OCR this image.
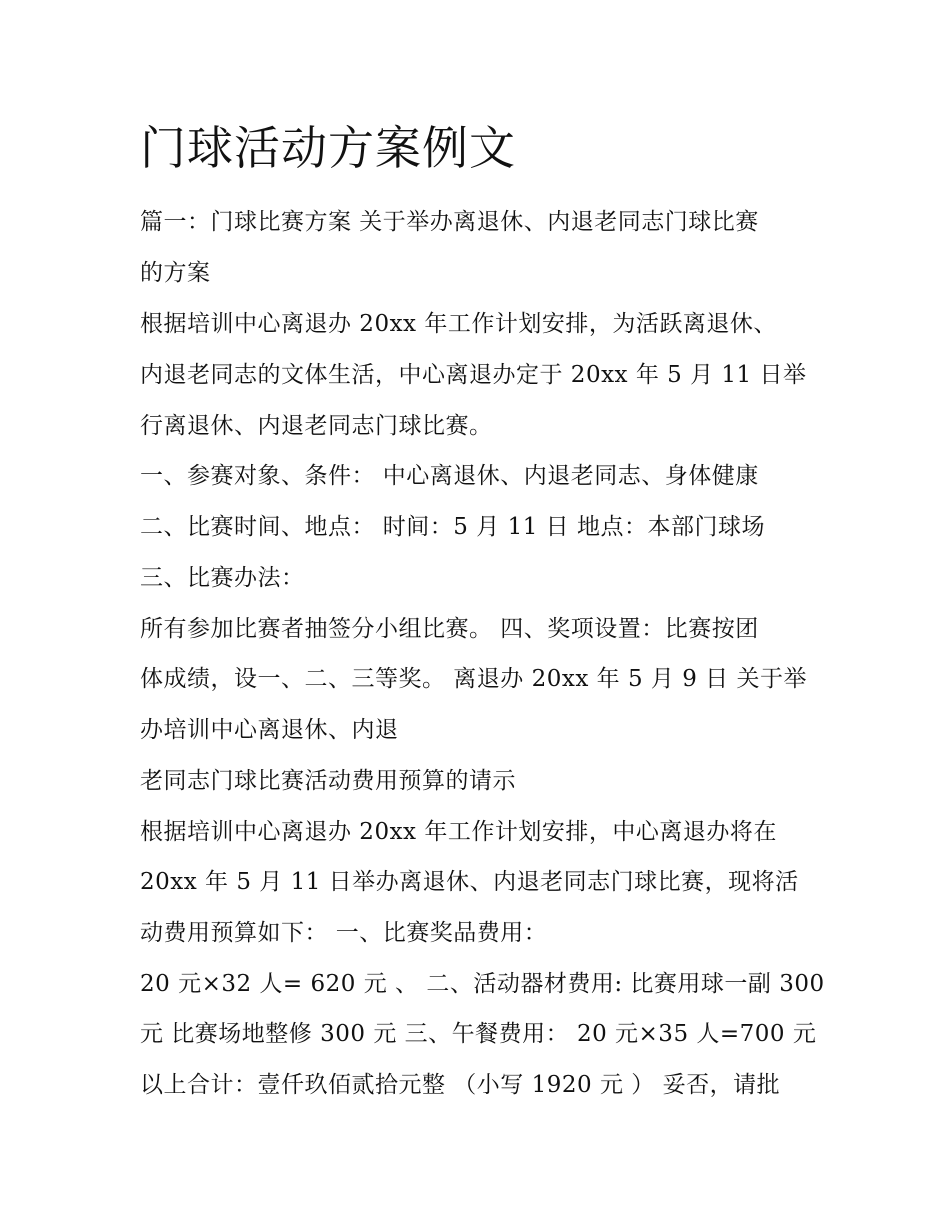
门球活动方案例文
篇一：门球比赛方案 关于举办离退休、内退老同志门球比赛
的方案
根据培训中心离退办 20xx 年工作计划安排，为活跃离退休、
内退老同志的文体生活，中心离退办定于 20xx 年 5 月 11 日举
行离退休、内退老同志门球比赛。
一、参赛对象、条件： 中心离退休、内退老同志、身体健康
二、比赛时间、地点： 时间：5 月 11 日 地点：本部门球场
三、比赛办法：
所有参加比赛者抽签分小组比赛。 四、奖项设置：比赛按团
体成绩，设一、二、三等奖。 离退办 20xx 年 5 月 9 日 关于举
办培训中心离退休、内退
老同志门球比赛活动费用预算的请示
根据培训中心离退办 20xx 年工作计划安排，中心离退办将在
20xx 年 5 月 11 日举办离退休、内退老同志门球比赛，现将活
动费用预算如下： 一、比赛奖品费用：
20 元×32 人= 620 元 、 二、活动器材费用: 比赛用球一副 300
元 比赛场地整修 300 元 三、午餐费用： 20 元×35 人=700 元
以上合计：壹仟玖佰贰拾元整 （小写 1920 元 ） 妥否，请批
